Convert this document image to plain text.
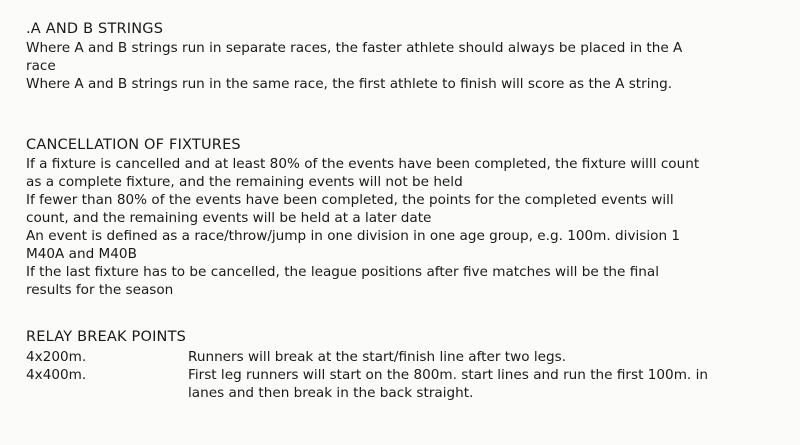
.A AND B STRINGS

Where A and B strings run in separate races, the faster athlete should always be placed in the A
race

Where A and B strings run in the same race, the first athlete to finish will score as the A string.

CANCELLATION OF FIXTURES

If a fixture is cancelled and at least 80% of the events have been completed, the fixture willl count
as a complete fixture, and the remaining events will not be held

If fewer than 80% of the events have been completed, the points for the completed events will
count, and the remaining events will be held at a later date

An event is defined as a race/throw/jump in one division in one age group, e.g. 100m. division 1
M40A and M40B

If the last fixture has to be cancelled, the league positions after five matches will be the final
results for the season

RELAY BREAK POINTS
4x200m.	Runners will break at the start/finish line after two legs.
4x400m.	First leg runners will start on the 800m. start lines and run the first 100m. in
lanes and then break in the back straight.
